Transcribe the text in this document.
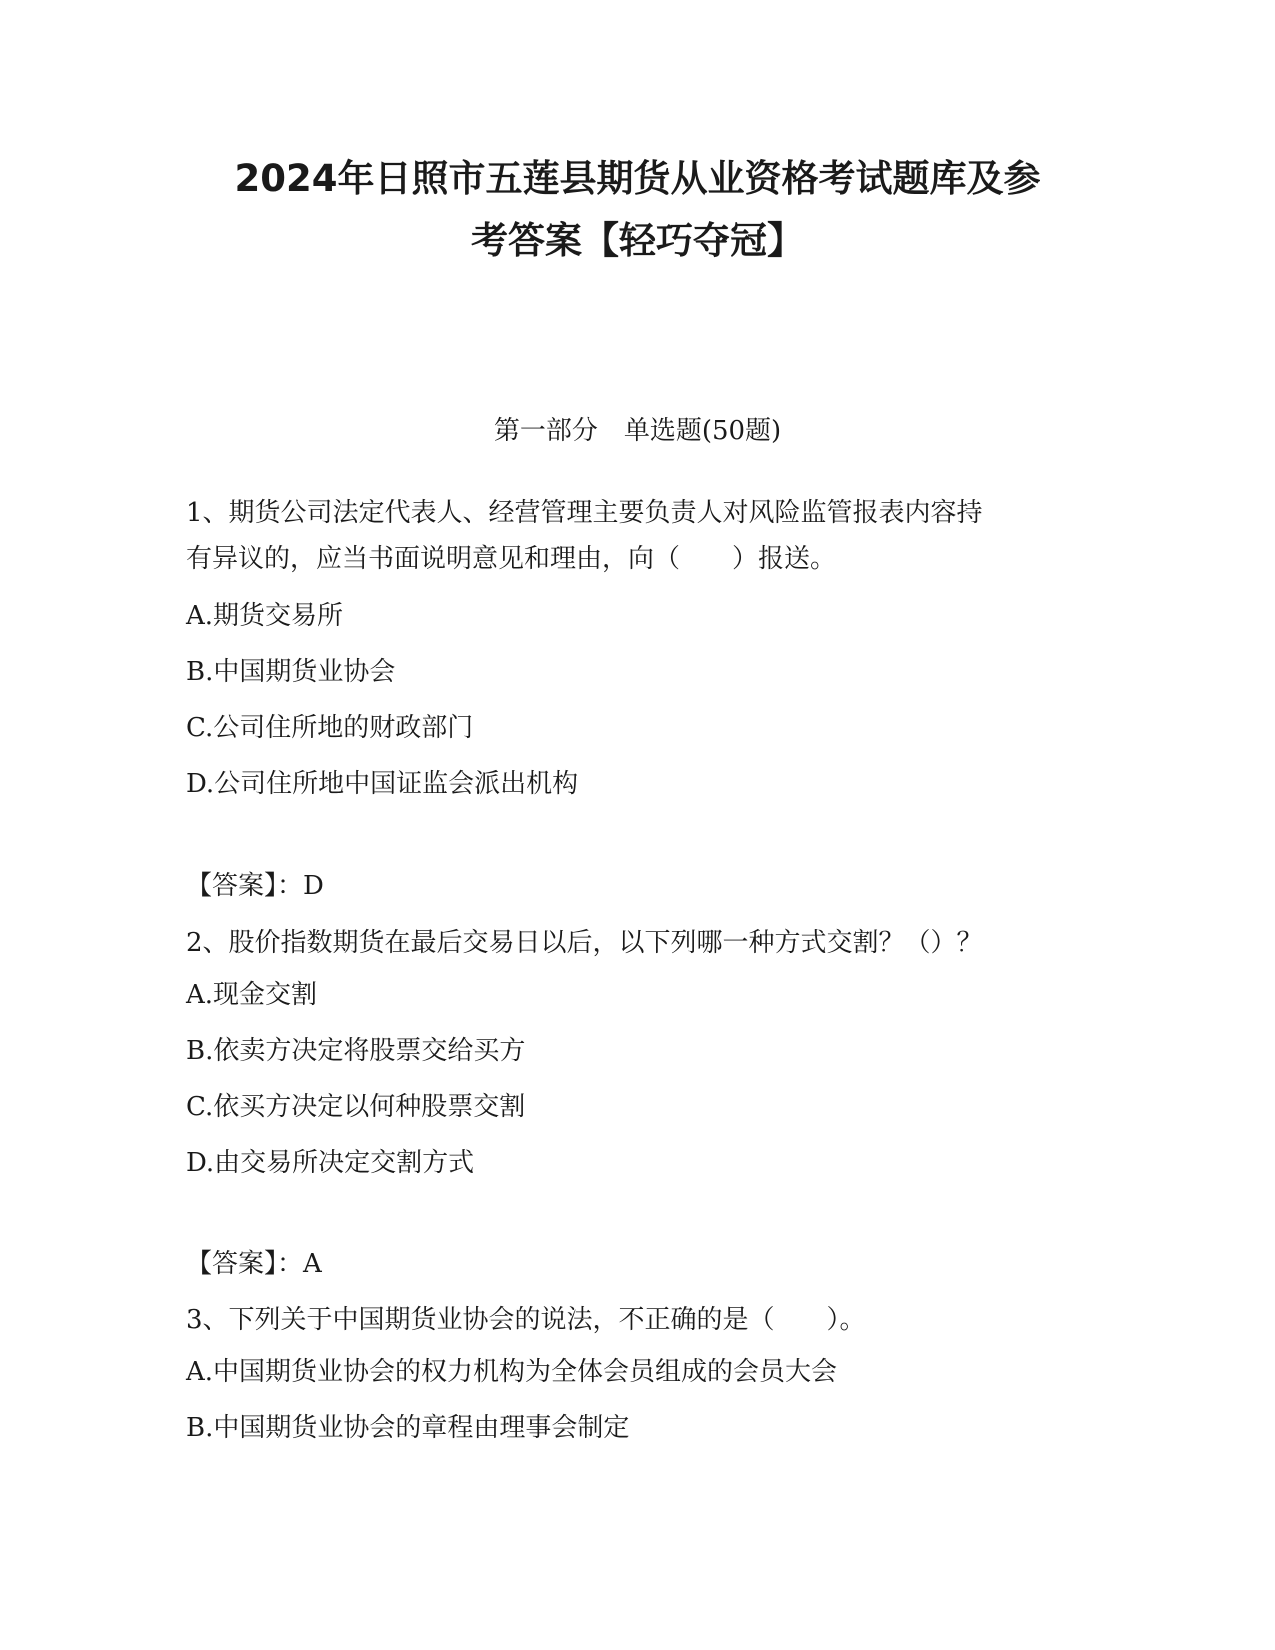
2024年日照市五莲县期货从业资格考试题库及参
考答案【轻巧夺冠】
第一部分　单选题(50题)

1、期货公司法定代表人、经营管理主要负责人对风险监管报表内容持

有异议的，应当书面说明意见和理由，向（　　）报送。

A.期货交易所

B.中国期货业协会

C.公司住所地的财政部门

D.公司住所地中国证监会派出机构

【答案】：D

2、股价指数期货在最后交易日以后，以下列哪一种方式交割？（）？

A.现金交割

B.依卖方决定将股票交给买方

C.依买方决定以何种股票交割

D.由交易所决定交割方式

【答案】：A

3、下列关于中国期货业协会的说法，不正确的是（　　）。

A.中国期货业协会的权力机构为全体会员组成的会员大会

B.中国期货业协会的章程由理事会制定
